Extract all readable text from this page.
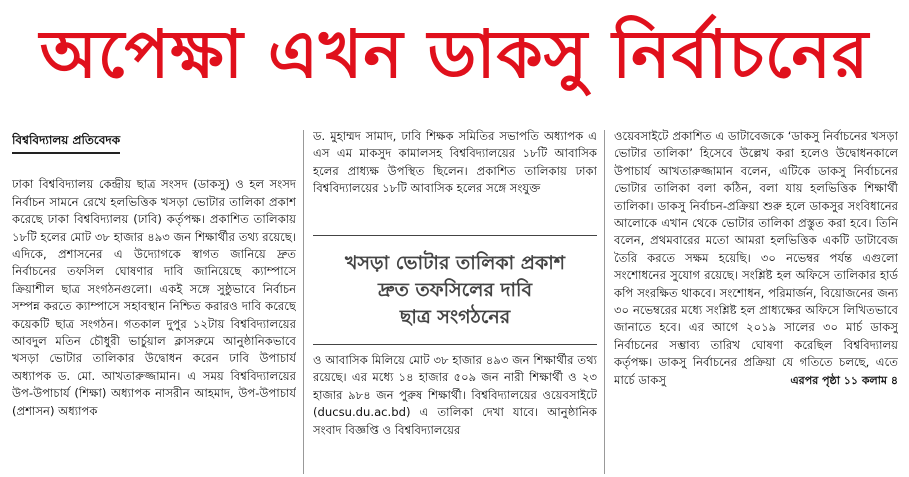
অপেক্ষা এখন ডাকসু নির্বাচনের
বিশ্ববিদ্যালয় প্রতিবেদক

ঢাকা বিশ্ববিদ্যালয় কেন্দ্রীয় ছাত্র সংসদ (ডাকসু) ও হল সংসদ নির্বাচন সামনে রেখে হলভিত্তিক খসড়া ভোটার তালিকা প্রকাশ করেছে ঢাকা বিশ্ববিদ্যালয় (ঢাবি) কর্তৃপক্ষ। প্রকাশিত তালিকায় ১৮টি হলের মোট ৩৮ হাজার ৪৯৩ জন শিক্ষার্থীর তথ্য রয়েছে। এদিকে, প্রশাসনের এ উদ্যোগকে স্বাগত জানিয়ে দ্রুত নির্বাচনের তফসিল ঘোষণার দাবি জানিয়েছে ক্যাম্পাসে ক্রিয়াশীল ছাত্র সংগঠনগুলো। একই সঙ্গে সুষ্ঠুভাবে নির্বাচন সম্পন্ন করতে ক্যাম্পাসে সহাবস্থান নিশ্চিত করারও দাবি করেছে কয়েকটি ছাত্র সংগঠন। গতকাল দুপুর ১২টায় বিশ্ববিদ্যালয়ের আবদুল মতিন চৌধুরী ভার্চুয়াল ক্লাসরুমে আনুষ্ঠানিকভাবে খসড়া ভোটার তালিকার উদ্বোধন করেন ঢাবি উপাচার্য অধ্যাপক ড. মো. আখতারুজ্জামান। এ সময় বিশ্ববিদ্যালয়ের উপ-উপাচার্য (শিক্ষা) অধ্যাপক নাসরীন আহমাদ, উপ-উপাচার্য (প্রশাসন) অধ্যাপক

ড. মুহাম্মদ সামাদ, ঢাবি শিক্ষক সমিতির সভাপতি অধ্যাপক এ এস এম মাকসুদ কামালসহ বিশ্ববিদ্যালয়ের ১৮টি আবাসিক হলের প্রাধ্যক্ষ উপস্থিত ছিলেন। প্রকাশিত তালিকায় ঢাকা বিশ্ববিদ্যালয়ের ১৮টি আবাসিক হলের সঙ্গে সংযুক্ত

খসড়া ভোটার তালিকা প্রকাশ
দ্রুত তফসিলের দাবি
ছাত্র সংগঠনের

ও আবাসিক মিলিয়ে মোট ৩৮ হাজার ৪৯৩ জন শিক্ষার্থীর তথ্য রয়েছে। এর মধ্যে ১৪ হাজার ৫০৯ জন নারী শিক্ষার্থী ও ২৩ হাজার ৯৮৪ জন পুরুষ শিক্ষার্থী। বিশ্ববিদ্যালয়ের ওয়েবসাইটে (ducsu.du.ac.bd) এ তালিকা দেখা যাবে। আনুষ্ঠানিক সংবাদ বিজ্ঞপ্তি ও বিশ্ববিদ্যালয়ের

ওয়েবসাইটে প্রকাশিত এ ডাটাবেজকে ‘ডাকসু নির্বাচনের খসড়া ভোটার তালিকা’ হিসেবে উল্লেখ করা হলেও উদ্বোধনকালে উপাচার্য আখতারুজ্জামান বলেন, এটিকে ডাকসু নির্বাচনের ভোটার তালিকা বলা কঠিন, বলা যায় হলভিত্তিক শিক্ষার্থী তালিকা। ডাকসু নির্বাচন-প্রক্রিয়া শুরু হলে ডাকসুর সংবিধানের আলোকে এখান থেকে ভোটার তালিকা প্রস্তুত করা হবে। তিনি বলেন, প্রথমবারের মতো আমরা হলভিত্তিক একটি ডাটাবেজ তৈরি করতে সক্ষম হয়েছি। ৩০ নভেম্বর পর্যন্ত এগুলো সংশোধনের সুযোগ রয়েছে। সংশ্লিষ্ট হল অফিসে তালিকার হার্ড কপি সংরক্ষিত থাকবে। সংশোধন, পরিমার্জন, বিয়োজনের জন্য ৩০ নভেম্বরের মধ্যে সংশ্লিষ্ট হল প্রাধ্যক্ষের অফিসে লিখিতভাবে জানাতে হবে। এর আগে ২০১৯ সালের ৩০ মার্চ ডাকসু নির্বাচনের সম্ভাব্য তারিখ ঘোষণা করেছিল বিশ্ববিদ্যালয় কর্তৃপক্ষ। ডাকসু নির্বাচনের প্রক্রিয়া যে গতিতে চলছে, এতে মার্চে ডাকসু	এরপর পৃষ্ঠা ১১ কলাম ৪
